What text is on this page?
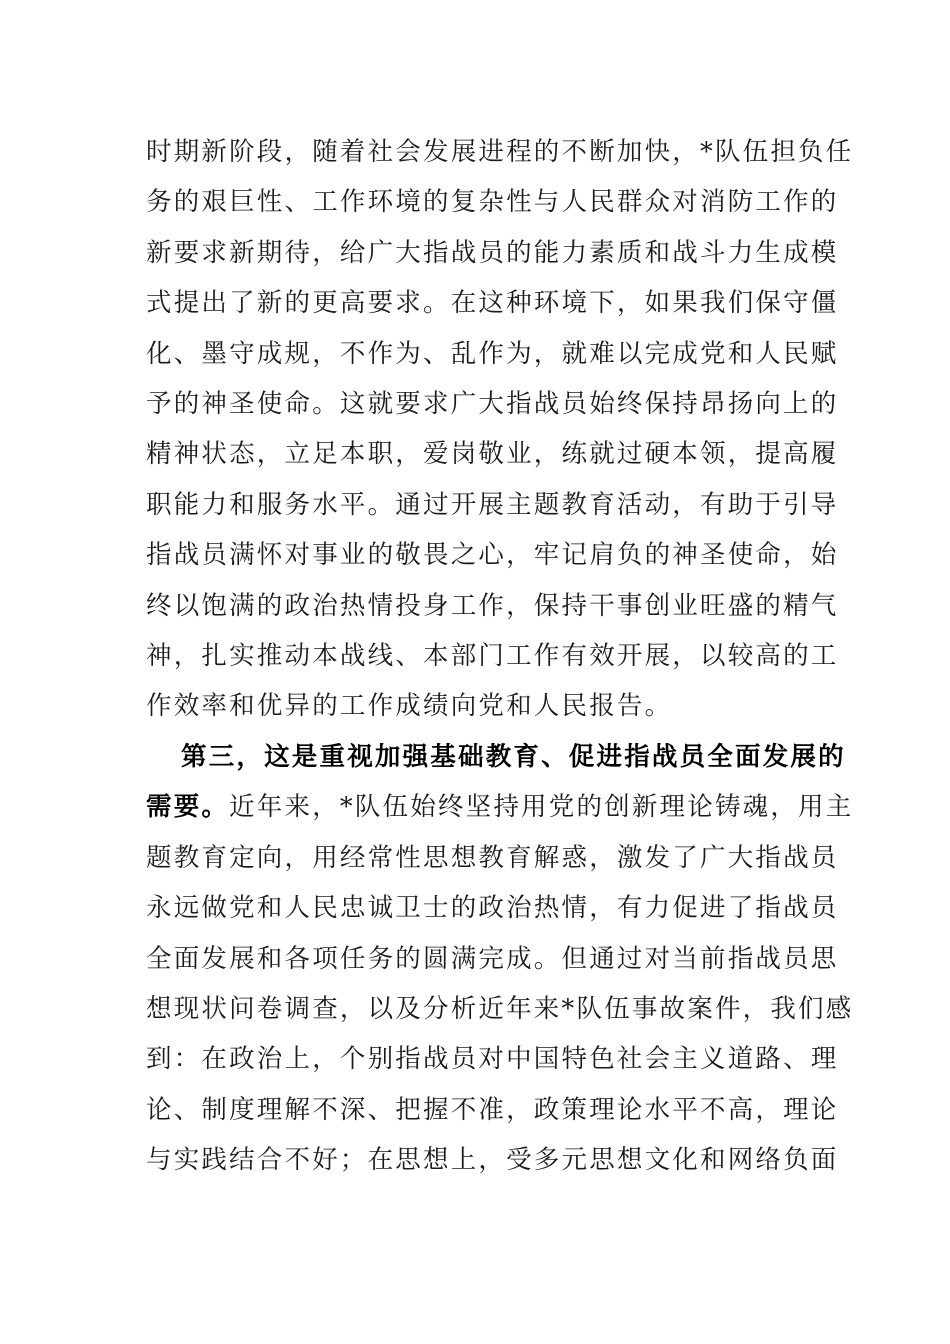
时期新阶段，随着社会发展进程的不断加快，*队伍担负任
务的艰巨性、工作环境的复杂性与人民群众对消防工作的
新要求新期待，给广大指战员的能力素质和战斗力生成模
式提出了新的更高要求。在这种环境下，如果我们保守僵
化、墨守成规，不作为、乱作为，就难以完成党和人民赋
予的神圣使命。这就要求广大指战员始终保持昂扬向上的
精神状态，立足本职，爱岗敬业，练就过硬本领，提高履
职能力和服务水平。通过开展主题教育活动，有助于引导
指战员满怀对事业的敬畏之心，牢记肩负的神圣使命，始
终以饱满的政治热情投身工作，保持干事创业旺盛的精气
神，扎实推动本战线、本部门工作有效开展，以较高的工
作效率和优异的工作成绩向党和人民报告。
第三，这是重视加强基础教育、促进指战员全面发展的
需要。近年来，*队伍始终坚持用党的创新理论铸魂，用主
题教育定向，用经常性思想教育解惑，激发了广大指战员
永远做党和人民忠诚卫士的政治热情，有力促进了指战员
全面发展和各项任务的圆满完成。但通过对当前指战员思
想现状问卷调查，以及分析近年来*队伍事故案件，我们感
到：在政治上，个别指战员对中国特色社会主义道路、理
论、制度理解不深、把握不准，政策理论水平不高，理论
与实践结合不好；在思想上，受多元思想文化和网络负面
